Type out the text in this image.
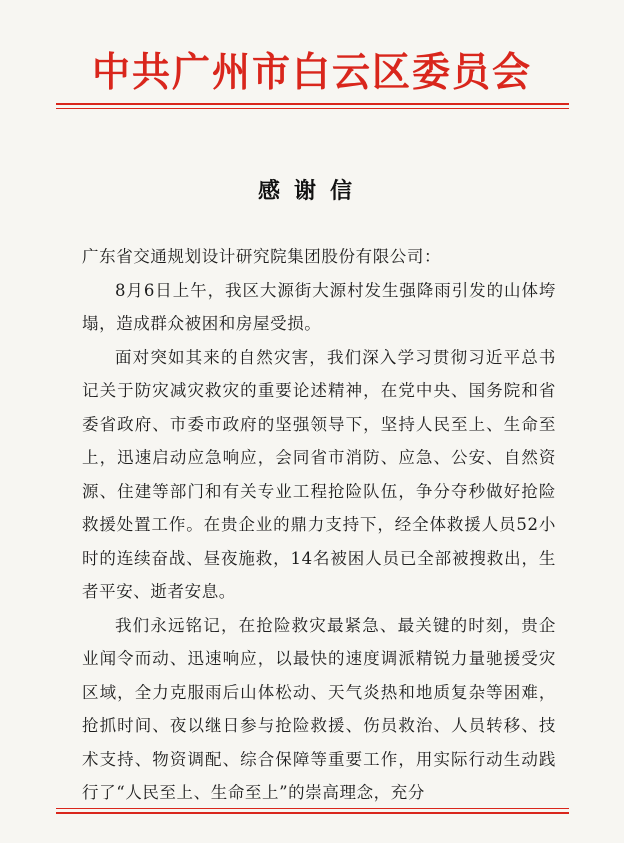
中共广州市白云区委员会
感谢信

广东省交通规划设计研究院集团股份有限公司：

8月6日上午，我区大源街大源村发生强降雨引发的山体垮塌，造成群众被困和房屋受损。

面对突如其来的自然灾害，我们深入学习贯彻习近平总书记关于防灾减灾救灾的重要论述精神，在党中央、国务院和省委省政府、市委市政府的坚强领导下，坚持人民至上、生命至上，迅速启动应急响应，会同省市消防、应急、公安、自然资源、住建等部门和有关专业工程抢险队伍，争分夺秒做好抢险救援处置工作。在贵企业的鼎力支持下，经全体救援人员52小时的连续奋战、昼夜施救，14名被困人员已全部被搜救出，生者平安、逝者安息。

我们永远铭记，在抢险救灾最紧急、最关键的时刻，贵企业闻令而动、迅速响应，以最快的速度调派精锐力量驰援受灾区域，全力克服雨后山体松动、天气炎热和地质复杂等困难，抢抓时间、夜以继日参与抢险救援、伤员救治、人员转移、技术支持、物资调配、综合保障等重要工作，用实际行动生动践行了“人民至上、生命至上”的崇高理念，充分
